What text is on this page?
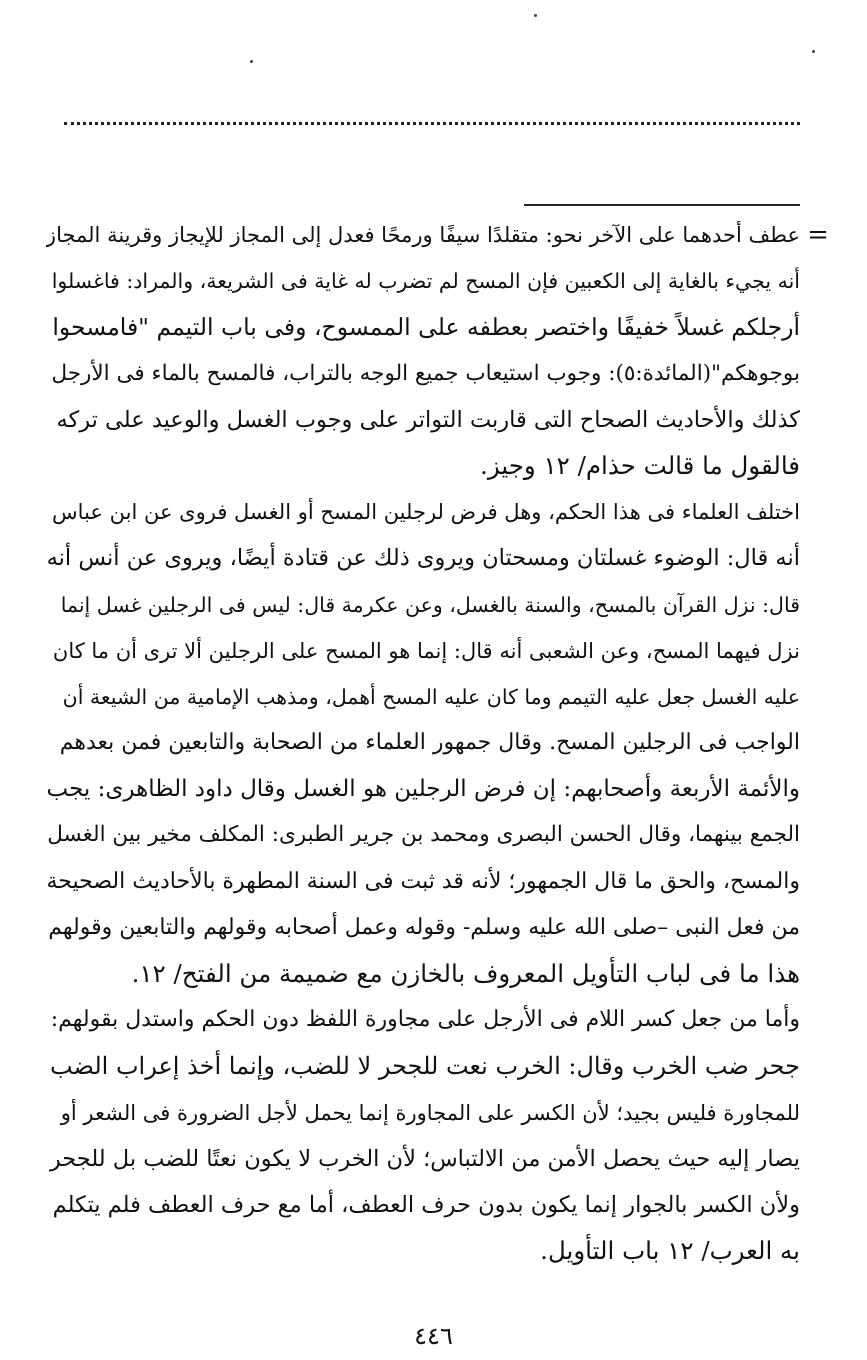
=
عطف أحدهما على الآخر نحو: متقلدًا سيفًا ورمحًا فعدل إلى المجاز للإيجاز وقرينة المجاز
أنه يجيء بالغاية إلى الكعبين فإن المسح لم تضرب له غاية فى الشريعة، والمراد: فاغسلوا
أرجلكم غسلاً خفيفًا واختصر بعطفه على الممسوح، وفى باب التيمم "فامسحوا
بوجوهكم"(المائدة:٥): وجوب استيعاب جميع الوجه بالتراب، فالمسح بالماء فى الأرجل
كذلك والأحاديث الصحاح التى قاربت التواتر على وجوب الغسل والوعيد على تركه
فالقول ما قالت حذام/ ١٢ وجيز.
اختلف العلماء فى هذا الحكم، وهل فرض لرجلين المسح أو الغسل فروى عن ابن عباس
أنه قال: الوضوء غسلتان ومسحتان ويروى ذلك عن قتادة أيضًا، ويروى عن أنس أنه
قال: نزل القرآن بالمسح، والسنة بالغسل، وعن عكرمة قال: ليس فى الرجلين غسل إنما
نزل فيهما المسح، وعن الشعبى أنه قال: إنما هو المسح على الرجلين ألا ترى أن ما كان
عليه الغسل جعل عليه التيمم وما كان عليه المسح أهمل، ومذهب الإمامية من الشيعة أن
الواجب فى الرجلين المسح. وقال جمهور العلماء من الصحابة والتابعين فمن بعدهم
والأئمة الأربعة وأصحابهم: إن فرض الرجلين هو الغسل وقال داود الظاهرى: يجب
الجمع بينهما، وقال الحسن البصرى ومحمد بن جرير الطبرى: المكلف مخير بين الغسل
والمسح، والحق ما قال الجمهور؛ لأنه قد ثبت فى السنة المطهرة بالأحاديث الصحيحة
من فعل النبى –صلى الله عليه وسلم- وقوله وعمل أصحابه وقولهم والتابعين وقولهم
هذا ما فى لباب التأويل المعروف بالخازن مع ضميمة من الفتح/ ١٢.
وأما من جعل كسر اللام فى الأرجل على مجاورة اللفظ دون الحكم واستدل بقولهم:
جحر ضب الخرب وقال: الخرب نعت للجحر لا للضب، وإنما أخذ إعراب الضب
للمجاورة فليس بجيد؛ لأن الكسر على المجاورة إنما يحمل لأجل الضرورة فى الشعر أو
يصار إليه حيث يحصل الأمن من الالتباس؛ لأن الخرب لا يكون نعتًا للضب بل للجحر
ولأن الكسر بالجوار إنما يكون بدون حرف العطف، أما مع حرف العطف فلم يتكلم
به العرب/ ١٢ باب التأويل.
٤٤٦
